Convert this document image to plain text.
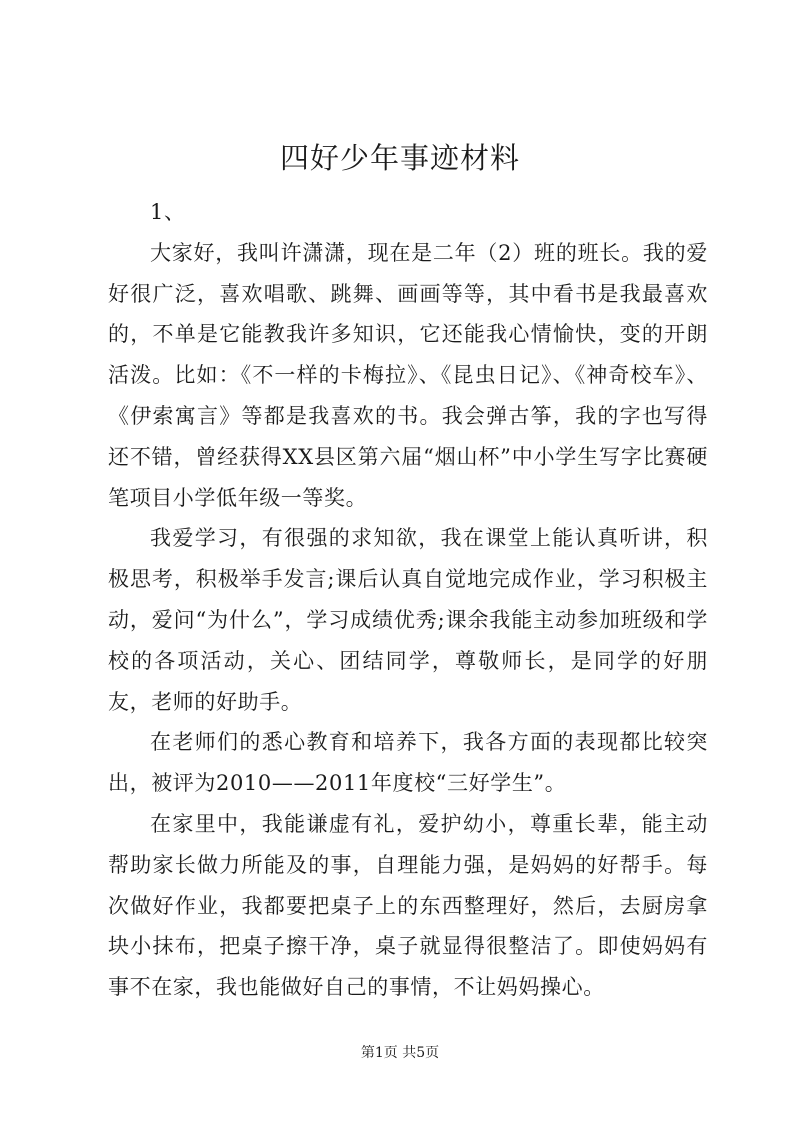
四好少年事迹材料

1、

大家好，我叫许潇潇，现在是二年（2）班的班长。我的爱好很广泛，喜欢唱歌、跳舞、画画等等，其中看书是我最喜欢的，不单是它能教我许多知识，它还能我心情愉快，变的开朗活泼。比如：《不一样的卡梅拉》、《昆虫日记》、《神奇校车》、《伊索寓言》等都是我喜欢的书。我会弹古筝，我的字也写得还不错，曾经获得XX县区第六届“烟山杯”中小学生写字比赛硬笔项目小学低年级一等奖。

我爱学习，有很强的求知欲，我在课堂上能认真听讲，积极思考，积极举手发言;课后认真自觉地完成作业，学习积极主动，爱问“为什么”，学习成绩优秀;课余我能主动参加班级和学校的各项活动，关心、团结同学，尊敬师长，是同学的好朋友，老师的好助手。

在老师们的悉心教育和培养下，我各方面的表现都比较突出，被评为2010——2011年度校“三好学生”。

在家里中，我能谦虚有礼，爱护幼小，尊重长辈，能主动帮助家长做力所能及的事，自理能力强，是妈妈的好帮手。每次做好作业，我都要把桌子上的东西整理好，然后，去厨房拿块小抹布，把桌子擦干净，桌子就显得很整洁了。即使妈妈有事不在家，我也能做好自己的事情，不让妈妈操心。

第1页 共5页
